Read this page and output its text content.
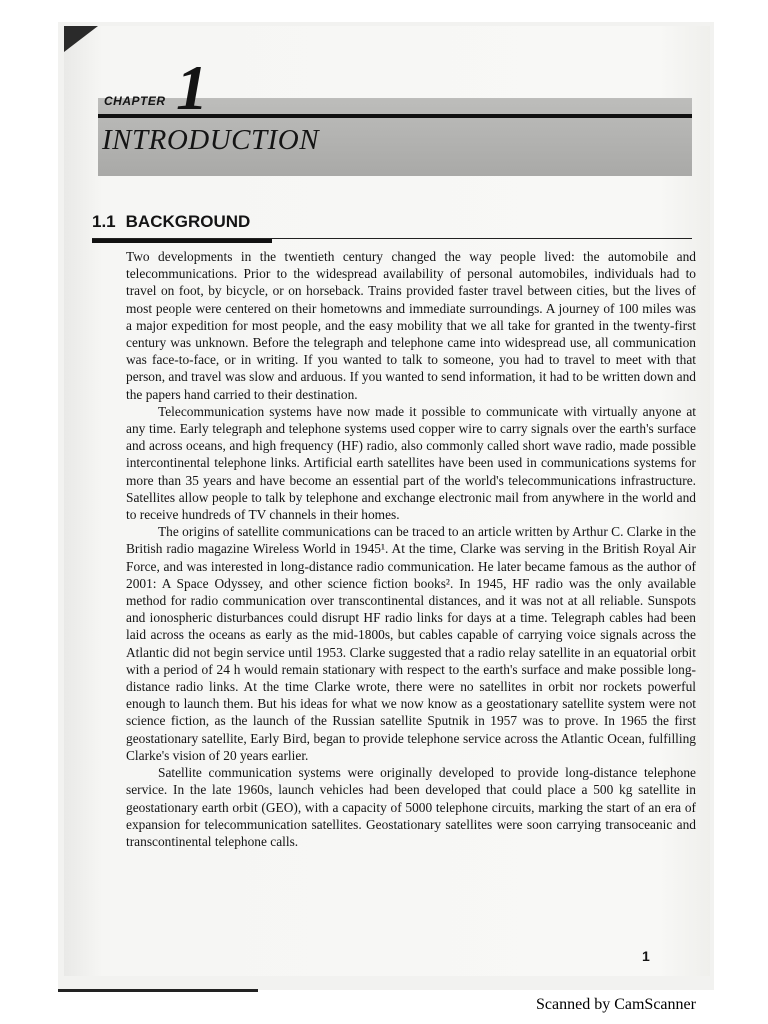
CHAPTER 1
INTRODUCTION
1.1 BACKGROUND

Two developments in the twentieth century changed the way people lived: the automobile and telecommunications. Prior to the widespread availability of personal automobiles, individuals had to travel on foot, by bicycle, or on horseback. Trains provided faster travel between cities, but the lives of most people were centered on their hometowns and immediate surroundings. A journey of 100 miles was a major expedition for most people, and the easy mobility that we all take for granted in the twenty-first century was unknown. Before the telegraph and telephone came into widespread use, all communication was face-to-face, or in writing. If you wanted to talk to someone, you had to travel to meet with that person, and travel was slow and arduous. If you wanted to send information, it had to be written down and the papers hand carried to their destination.

Telecommunication systems have now made it possible to communicate with virtually anyone at any time. Early telegraph and telephone systems used copper wire to carry signals over the earth's surface and across oceans, and high frequency (HF) radio, also commonly called short wave radio, made possible intercontinental telephone links. Artificial earth satellites have been used in communications systems for more than 35 years and have become an essential part of the world's telecommunications infrastructure. Satellites allow people to talk by telephone and exchange electronic mail from anywhere in the world and to receive hundreds of TV channels in their homes.

The origins of satellite communications can be traced to an article written by Arthur C. Clarke in the British radio magazine Wireless World in 1945¹. At the time, Clarke was serving in the British Royal Air Force, and was interested in long-distance radio communication. He later became famous as the author of 2001: A Space Odyssey, and other science fiction books². In 1945, HF radio was the only available method for radio communication over transcontinental distances, and it was not at all reliable. Sunspots and ionospheric disturbances could disrupt HF radio links for days at a time. Telegraph cables had been laid across the oceans as early as the mid-1800s, but cables capable of carrying voice signals across the Atlantic did not begin service until 1953. Clarke suggested that a radio relay satellite in an equatorial orbit with a period of 24 h would remain stationary with respect to the earth's surface and make possible long-distance radio links. At the time Clarke wrote, there were no satellites in orbit nor rockets powerful enough to launch them. But his ideas for what we now know as a geostationary satellite system were not science fiction, as the launch of the Russian satellite Sputnik in 1957 was to prove. In 1965 the first geostationary satellite, Early Bird, began to provide telephone service across the Atlantic Ocean, fulfilling Clarke's vision of 20 years earlier.

Satellite communication systems were originally developed to provide long-distance telephone service. In the late 1960s, launch vehicles had been developed that could place a 500 kg satellite in geostationary earth orbit (GEO), with a capacity of 5000 telephone circuits, marking the start of an era of expansion for telecommunication satellites. Geostationary satellites were soon carrying transoceanic and transcontinental telephone calls.

1
Scanned by CamScanner
